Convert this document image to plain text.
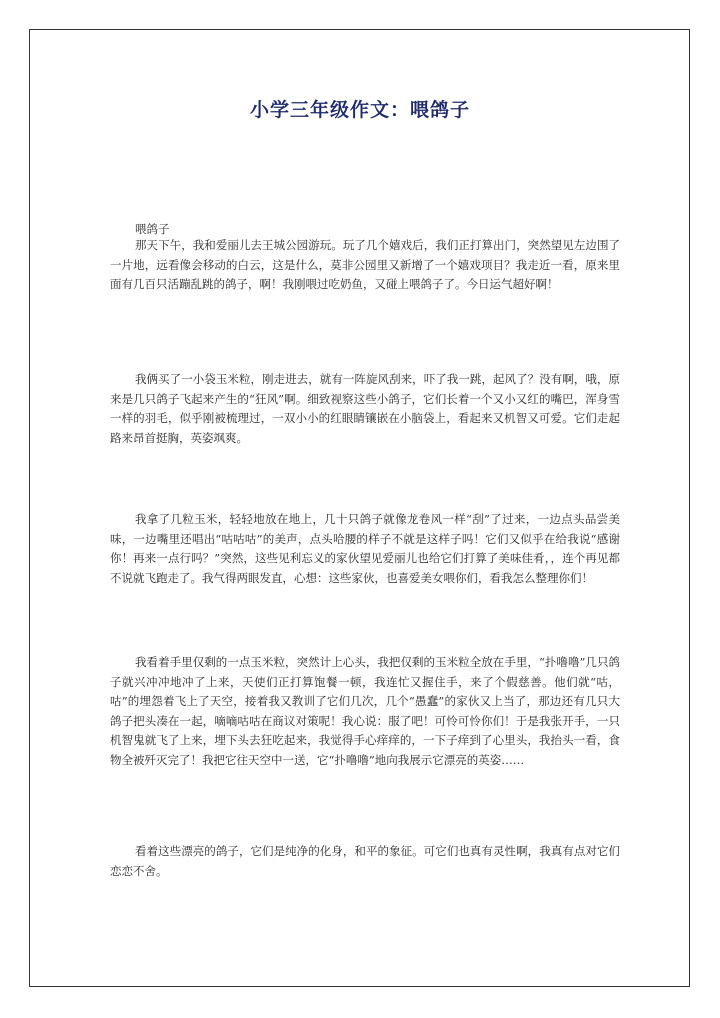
小学三年级作文：喂鸽子

喂鸽子

那天下午，我和爱丽儿去王城公园游玩。玩了几个嬉戏后，我们正打算出门，突然望见左边围了一片地，远看像会移动的白云，这是什么，莫非公园里又新增了一个嬉戏项目？我走近一看，原来里面有几百只活蹦乱跳的鸽子，啊！我刚喂过吃奶鱼，又碰上喂鸽子了。今日运气超好啊！

我俩买了一小袋玉米粒，刚走进去，就有一阵旋风刮来，吓了我一跳，起风了？没有啊，哦，原来是几只鸽子飞起来产生的“狂风”啊。细致视察这些小鸽子，它们长着一个又小又红的嘴巴，浑身雪一样的羽毛，似乎刚被梳理过，一双小小的红眼睛镶嵌在小脑袋上，看起来又机智又可爱。它们走起路来昂首挺胸，英姿飒爽。

我拿了几粒玉米，轻轻地放在地上，几十只鸽子就像龙卷风一样“刮”了过来，一边点头品尝美味，一边嘴里还唱出“咕咕咕”的美声，点头哈腰的样子不就是这样子吗！它们又似乎在给我说“感谢你！再来一点行吗？”突然，这些见利忘义的家伙望见爱丽儿也给它们打算了美味佳肴，，连个再见都不说就飞跑走了。我气得两眼发直，心想：这些家伙，也喜爱美女喂你们，看我怎么整理你们！

我看着手里仅剩的一点玉米粒，突然计上心头，我把仅剩的玉米粒全放在手里，“扑噜噜”几只鸽子就兴冲冲地冲了上来，天使们正打算饱餐一顿，我连忙又握住手，来了个假慈善。他们就“咕，咕”的埋怨着飞上了天空，接着我又教训了它们几次，几个“愚蠢”的家伙又上当了，那边还有几只大鸽子把头凑在一起，嘀嘀咕咕在商议对策呢！我心说：服了吧！可怜可怜你们！于是我张开手，一只机智鬼就飞了上来，埋下头去狂吃起来，我觉得手心痒痒的，一下子痒到了心里头，我抬头一看，食物全被歼灭完了！我把它往天空中一送，它“扑噜噜”地向我展示它漂亮的英姿……

看着这些漂亮的鸽子，它们是纯净的化身，和平的象征。可它们也真有灵性啊，我真有点对它们恋恋不舍。
